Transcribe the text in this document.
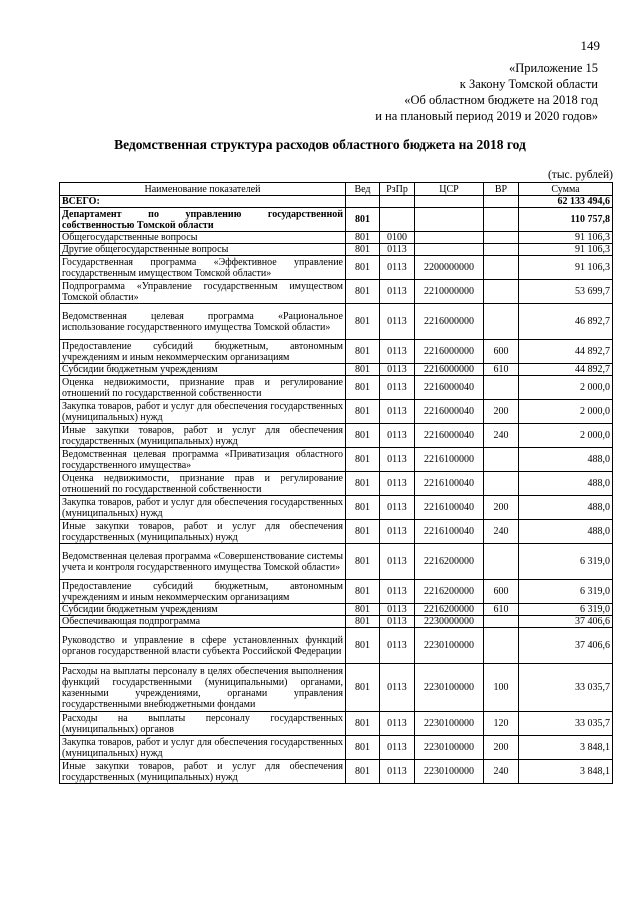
149
«Приложение 15
к Закону Томской области
«Об областном бюджете на 2018 год
и на плановый период 2019 и 2020 годов»
Ведомственная структура расходов областного бюджета на 2018 год
(тыс. рублей)
Наименование показателей	Вед	РзПр	ЦСР	ВР	Сумма
ВСЕГО:					62 133 494,6
Департамент по управлению государственной собственностью Томской области	801				110 757,8
Общегосударственные вопросы	801	0100			91 106,3
Другие общегосударственные вопросы	801	0113			91 106,3
Государственная программа «Эффективное управление государственным имуществом Томской области»	801	0113	2200000000		91 106,3
Подпрограмма «Управление государственным имуществом Томской области»	801	0113	2210000000		53 699,7
Ведомственная целевая программа «Рациональное использование государственного имущества Томской области»	801	0113	2216000000		46 892,7
Предоставление субсидий бюджетным, автономным учреждениям и иным некоммерческим организациям	801	0113	2216000000	600	44 892,7
Субсидии бюджетным учреждениям	801	0113	2216000000	610	44 892,7
Оценка недвижимости, признание прав и регулирование отношений по государственной собственности	801	0113	2216000040		2 000,0
Закупка товаров, работ и услуг для обеспечения государственных (муниципальных) нужд	801	0113	2216000040	200	2 000,0
Иные закупки товаров, работ и услуг для обеспечения государственных (муниципальных) нужд	801	0113	2216000040	240	2 000,0
Ведомственная целевая программа «Приватизация областного государственного имущества»	801	0113	2216100000		488,0
Оценка недвижимости, признание прав и регулирование отношений по государственной собственности	801	0113	2216100040		488,0
Закупка товаров, работ и услуг для обеспечения государственных (муниципальных) нужд	801	0113	2216100040	200	488,0
Иные закупки товаров, работ и услуг для обеспечения государственных (муниципальных) нужд	801	0113	2216100040	240	488,0
Ведомственная целевая программа «Совершенствование системы учета и контроля государственного имущества Томской области»	801	0113	2216200000		6 319,0
Предоставление субсидий бюджетным, автономным учреждениям и иным некоммерческим организациям	801	0113	2216200000	600	6 319,0
Субсидии бюджетным учреждениям	801	0113	2216200000	610	6 319,0
Обеспечивающая подпрограмма	801	0113	2230000000		37 406,6
Руководство и управление в сфере установленных функций органов государственной власти субъекта Российской Федерации	801	0113	2230100000		37 406,6
Расходы на выплаты персоналу в целях обеспечения выполнения функций государственными (муниципальными) органами, казенными учреждениями, органами управления государственными внебюджетными фондами	801	0113	2230100000	100	33 035,7
Расходы на выплаты персоналу государственных (муниципальных) органов	801	0113	2230100000	120	33 035,7
Закупка товаров, работ и услуг для обеспечения государственных (муниципальных) нужд	801	0113	2230100000	200	3 848,1
Иные закупки товаров, работ и услуг для обеспечения государственных (муниципальных) нужд	801	0113	2230100000	240	3 848,1
